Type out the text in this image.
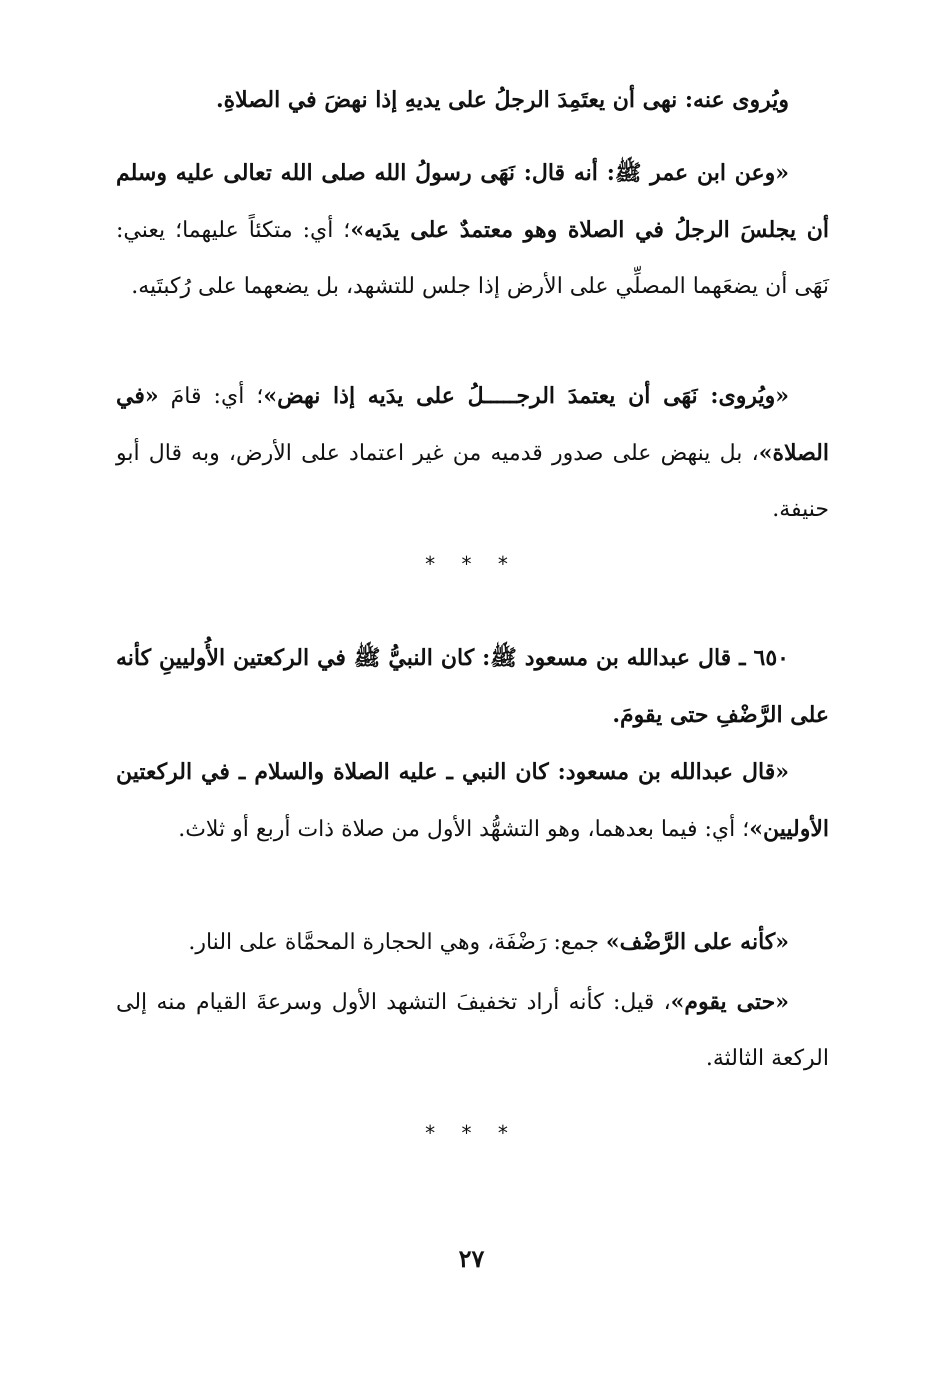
ويُروى عنه: نهى أن يعتَمِدَ الرجلُ على يديهِ إذا نهضَ في الصلاةِ.

«وعن ابن عمر ﷺ: أنه قال: نَهَى رسولُ الله صلى الله تعالى عليه وسلم أن يجلسَ الرجلُ في الصلاة وهو معتمدٌ على يدَيه»؛ أي: متكئاً عليهما؛ يعني: نَهَى أن يضعَهما المصلِّي على الأرض إذا جلس للتشهد، بل يضعهما على رُكبتَيه.

«ويُروى: نَهَى أن يعتمدَ الرجـــــلُ على يدَيه إذا نهض»؛ أي: قامَ «في الصلاة»، بل ينهض على صدور قدميه من غير اعتماد على الأرض، وبه قال أبو حنيفة.

* * *

٦٥٠ ـ قال عبدالله بن مسعود ﷺ: كان النبيُّ ﷺ في الركعتين الأُوليينِ كأنه على الرَّضْفِ حتى يقومَ.

«قال عبدالله بن مسعود: كان النبي ـ عليه الصلاة والسلام ـ في الركعتين الأوليين»؛ أي: فيما بعدهما، وهو التشهُّد الأول من صلاة ذات أربع أو ثلاث.

«كأنه على الرَّضْف» جمع: رَضْفَة، وهي الحجارة المحمَّاة على النار.

«حتى يقوم»، قيل: كأنه أراد تخفيفَ التشهد الأول وسرعةَ القيام منه إلى الركعة الثالثة.

* * *
٢٧
